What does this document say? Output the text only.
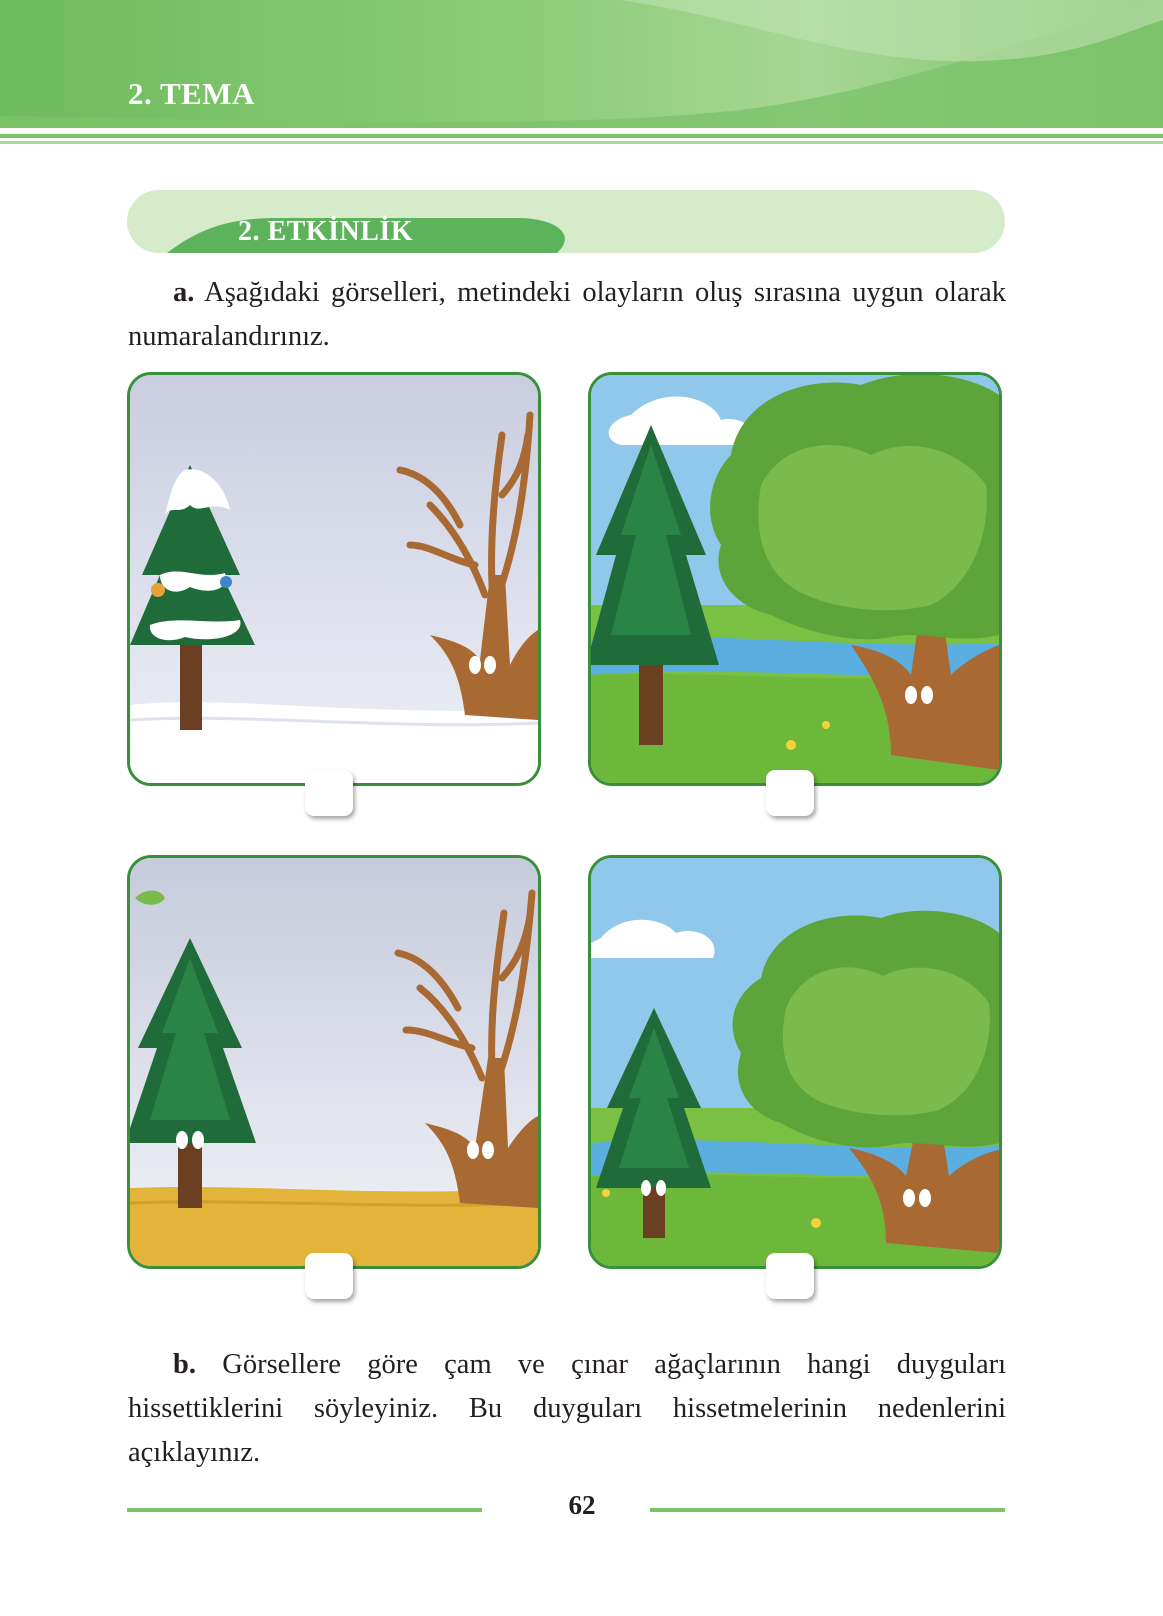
2. TEMA
2. ETKİNLİK
a. Aşağıdaki görselleri, metindeki olayların oluş sırasına uygun olarak numaralandırınız.
b. Görsellere göre çam ve çınar ağaçlarının hangi duyguları hissettiklerini söyleyiniz. Bu duyguları hissetmelerinin nedenlerini açıklayınız.
62
